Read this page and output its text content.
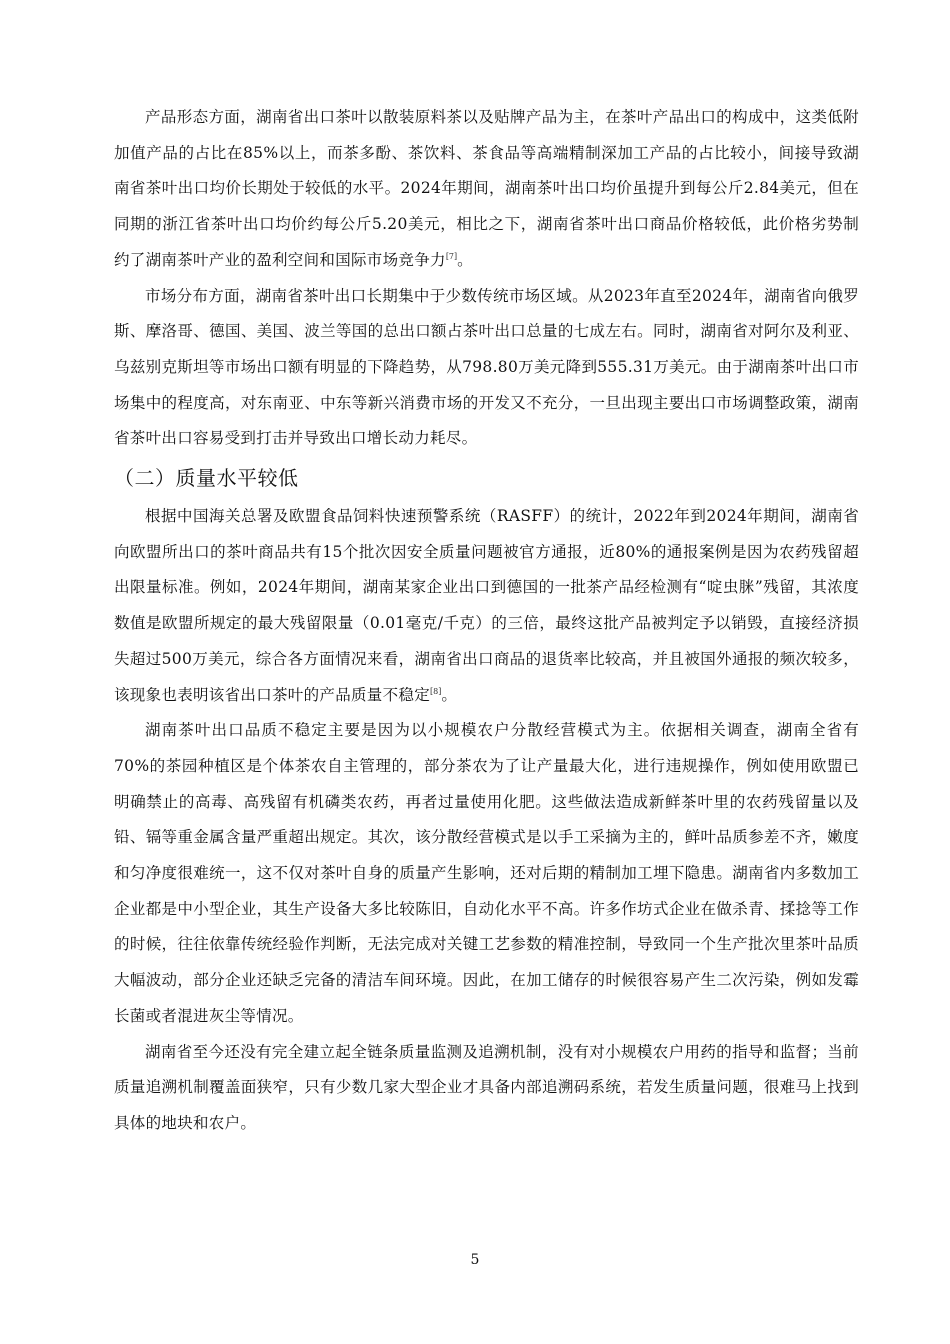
产品形态方面，湖南省出口茶叶以散装原料茶以及贴牌产品为主，在茶叶产品出口的构成中，这类低附加值产品的占比在85%以上，而茶多酚、茶饮料、茶食品等高端精制深加工产品的占比较小，间接导致湖南省茶叶出口均价长期处于较低的水平。2024年期间，湖南茶叶出口均价虽提升到每公斤2.84美元，但在同期的浙江省茶叶出口均价约每公斤5.20美元，相比之下，湖南省茶叶出口商品价格较低，此价格劣势制约了湖南茶叶产业的盈利空间和国际市场竞争力[7]。

市场分布方面，湖南省茶叶出口长期集中于少数传统市场区域。从2023年直至2024年，湖南省向俄罗斯、摩洛哥、德国、美国、波兰等国的总出口额占茶叶出口总量的七成左右。同时，湖南省对阿尔及利亚、乌兹别克斯坦等市场出口额有明显的下降趋势，从798.80万美元降到555.31万美元。由于湖南茶叶出口市场集中的程度高，对东南亚、中东等新兴消费市场的开发又不充分，一旦出现主要出口市场调整政策，湖南省茶叶出口容易受到打击并导致出口增长动力耗尽。

（二）质量水平较低

根据中国海关总署及欧盟食品饲料快速预警系统（RASFF）的统计，2022年到2024年期间，湖南省向欧盟所出口的茶叶商品共有15个批次因安全质量问题被官方通报，近80%的通报案例是因为农药残留超出限量标准。例如，2024年期间，湖南某家企业出口到德国的一批茶产品经检测有“啶虫脒”残留，其浓度数值是欧盟所规定的最大残留限量（0.01毫克/千克）的三倍，最终这批产品被判定予以销毁，直接经济损失超过500万美元，综合各方面情况来看，湖南省出口商品的退货率比较高，并且被国外通报的频次较多，该现象也表明该省出口茶叶的产品质量不稳定[8]。

湖南茶叶出口品质不稳定主要是因为以小规模农户分散经营模式为主。依据相关调查，湖南全省有70%的茶园种植区是个体茶农自主管理的，部分茶农为了让产量最大化，进行违规操作，例如使用欧盟已明确禁止的高毒、高残留有机磷类农药，再者过量使用化肥。这些做法造成新鲜茶叶里的农药残留量以及铅、镉等重金属含量严重超出规定。其次，该分散经营模式是以手工采摘为主的，鲜叶品质参差不齐，嫩度和匀净度很难统一，这不仅对茶叶自身的质量产生影响，还对后期的精制加工埋下隐患。湖南省内多数加工企业都是中小型企业，其生产设备大多比较陈旧，自动化水平不高。许多作坊式企业在做杀青、揉捻等工作的时候，往往依靠传统经验作判断，无法完成对关键工艺参数的精准控制，导致同一个生产批次里茶叶品质大幅波动，部分企业还缺乏完备的清洁车间环境。因此，在加工储存的时候很容易产生二次污染，例如发霉长菌或者混进灰尘等情况。

湖南省至今还没有完全建立起全链条质量监测及追溯机制，没有对小规模农户用药的指导和监督；当前质量追溯机制覆盖面狭窄，只有少数几家大型企业才具备内部追溯码系统，若发生质量问题，很难马上找到具体的地块和农户。

5
